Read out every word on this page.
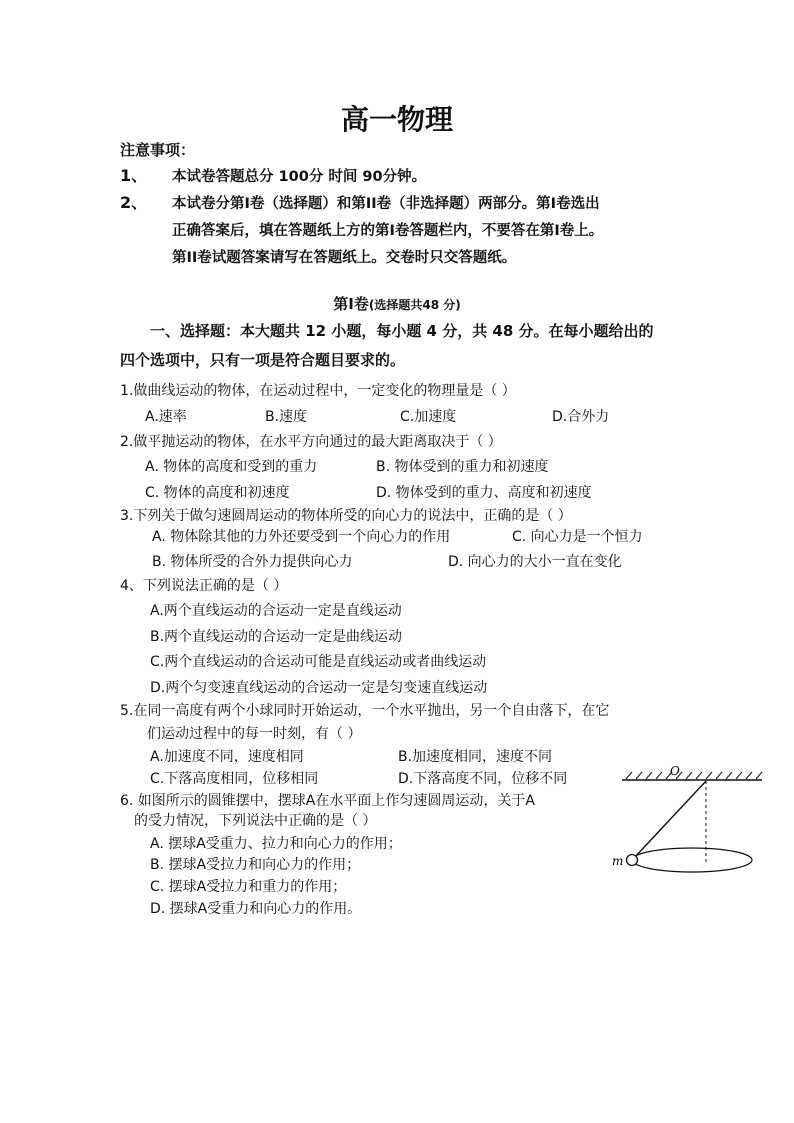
高一物理
注意事项：
1、 本试卷答题总分 100分 时间 90分钟。
2、 本试卷分第Ⅰ卷（选择题）和第ⅠⅠ卷（非选择题）两部分。第Ⅰ卷选出
正确答案后，填在答题纸上方的第Ⅰ卷答题栏内，不要答在第Ⅰ卷上。
第ⅠⅠ卷试题答案请写在答题纸上。交卷时只交答题纸。
第Ⅰ卷(选择题共48 分)
一、选择题：本大题共 12 小题，每小题 4 分，共 48 分。在每小题给出的
四个选项中，只有一项是符合题目要求的。
1.做曲线运动的物体，在运动过程中，一定变化的物理量是（ ）
A.速率	B.速度	C.加速度	D.合外力
2.做平抛运动的物体，在水平方向通过的最大距离取决于（ ）
A. 物体的高度和受到的重力	B. 物体受到的重力和初速度
C. 物体的高度和初速度	D. 物体受到的重力、高度和初速度
3.下列关于做匀速圆周运动的物体所受的向心力的说法中，正确的是（ ）
A. 物体除其他的力外还要受到一个向心力的作用	C. 向心力是一个恒力
B. 物体所受的合外力提供向心力	D. 向心力的大小一直在变化
4、下列说法正确的是（ ）
A.两个直线运动的合运动一定是直线运动
B.两个直线运动的合运动一定是曲线运动
C.两个直线运动的合运动可能是直线运动或者曲线运动
D.两个匀变速直线运动的合运动一定是匀变速直线运动
5.在同一高度有两个小球同时开始运动，一个水平抛出，另一个自由落下，在它
们运动过程中的每一时刻，有（ ）
A.加速度不同，速度相同	B.加速度相同，速度不同
C.下落高度相同，位移相同	D.下落高度不同，位移不同
6. 如图所示的圆锥摆中，摆球A在水平面上作匀速圆周运动，关于A
的受力情况，下列说法中正确的是（ ）
A. 摆球A受重力、拉力和向心力的作用；
B. 摆球A受拉力和向心力的作用；
C. 摆球A受拉力和重力的作用；
D. 摆球A受重力和向心力的作用。
O
m
